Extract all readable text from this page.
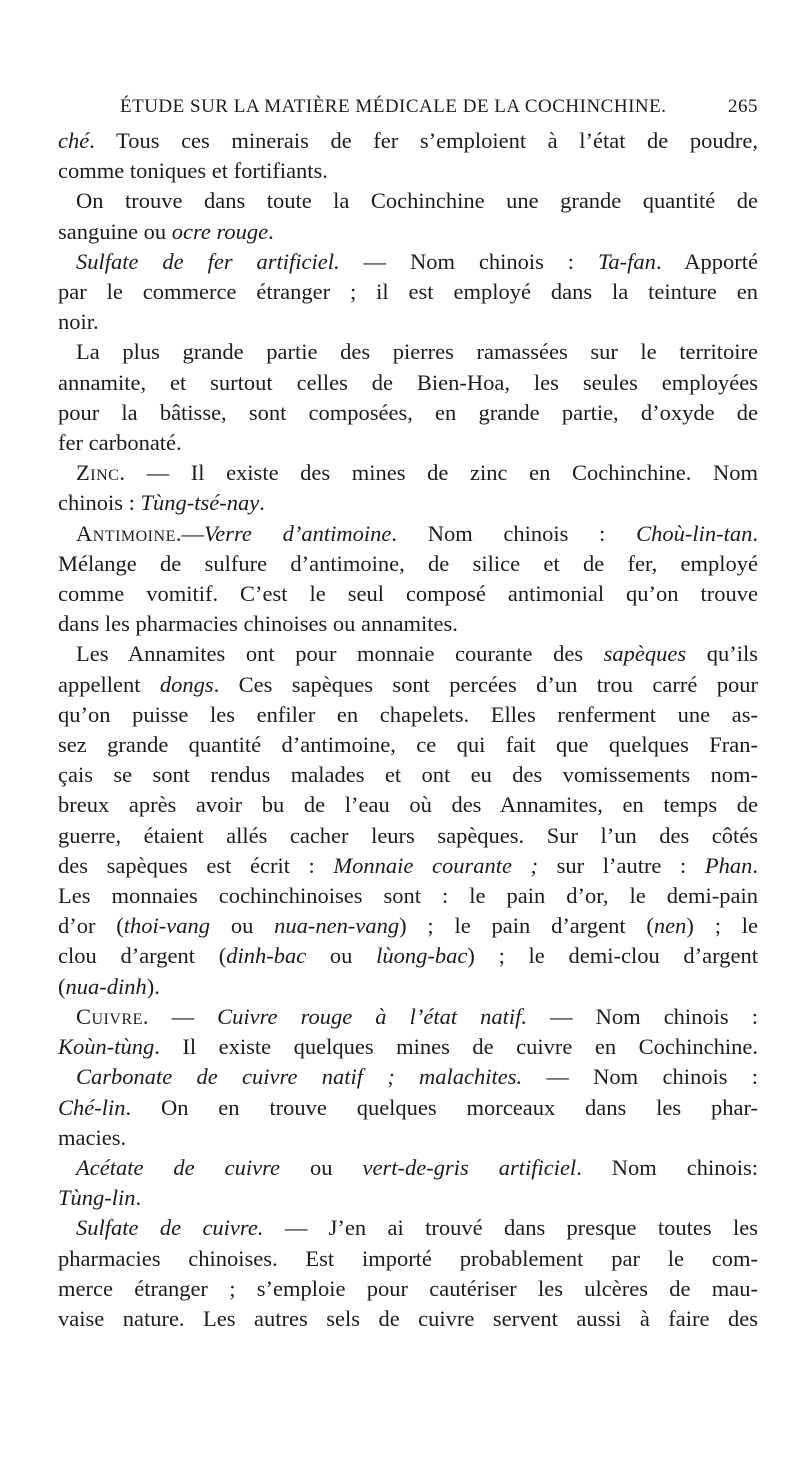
ÉTUDE SUR LA MATIÈRE MÉDICALE DE LA COCHINCHINE.	265
ché. Tous ces minerais de fer s’emploient à l’état de poudre,
comme toniques et fortifiants.
On trouve dans toute la Cochinchine une grande quantité de
sanguine ou ocre rouge.
Sulfate de fer artificiel. — Nom chinois : Ta-fan. Apporté
par le commerce étranger ; il est employé dans la teinture en
noir.
La plus grande partie des pierres ramassées sur le territoire
annamite, et surtout celles de Bien-Hoa, les seules employées
pour la bâtisse, sont composées, en grande partie, d’oxyde de
fer carbonaté.
Zinc. — Il existe des mines de zinc en Cochinchine. Nom
chinois : Tùng-tsé-nay.
Antimoine.—Verre d’antimoine. Nom chinois : Choù-lin-tan.
Mélange de sulfure d’antimoine, de silice et de fer, employé
comme vomitif. C’est le seul composé antimonial qu’on trouve
dans les pharmacies chinoises ou annamites.
Les Annamites ont pour monnaie courante des sapèques qu’ils
appellent dongs. Ces sapèques sont percées d’un trou carré pour
qu’on puisse les enfiler en chapelets. Elles renferment une as-
sez grande quantité d’antimoine, ce qui fait que quelques Fran-
çais se sont rendus malades et ont eu des vomissements nom-
breux après avoir bu de l’eau où des Annamites, en temps de
guerre, étaient allés cacher leurs sapèques. Sur l’un des côtés
des sapèques est écrit : Monnaie courante ; sur l’autre : Phan.
Les monnaies cochinchinoises sont : le pain d’or, le demi-pain
d’or (thoi-vang ou nua-nen-vang) ; le pain d’argent (nen) ; le
clou d’argent (dinh-bac ou lùong-bac) ; le demi-clou d’argent
(nua-dinh).
Cuivre. — Cuivre rouge à l’état natif. — Nom chinois :
Koùn-tùng. Il existe quelques mines de cuivre en Cochinchine.
Carbonate de cuivre natif ; malachites. — Nom chinois :
Ché-lin. On en trouve quelques morceaux dans les phar-
macies.
Acétate de cuivre ou vert-de-gris artificiel. Nom chinois:
Tùng-lin.
Sulfate de cuivre. — J’en ai trouvé dans presque toutes les
pharmacies chinoises. Est importé probablement par le com-
merce étranger ; s’emploie pour cautériser les ulcères de mau-
vaise nature. Les autres sels de cuivre servent aussi à faire des
